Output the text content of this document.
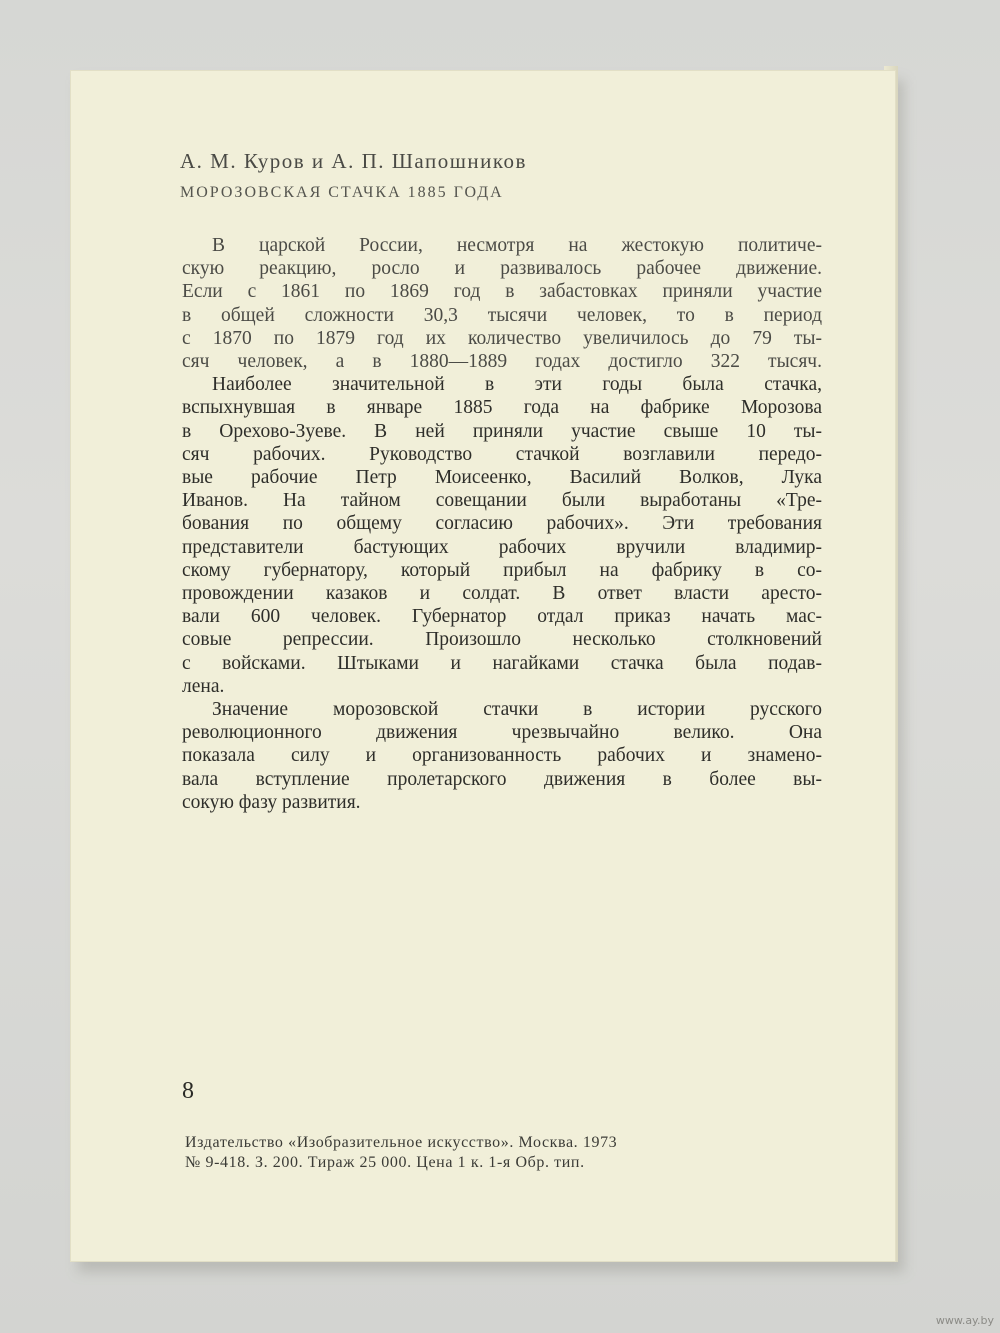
А. М. Куров и А. П. Шапошников
МОРОЗОВСКАЯ СТАЧКА 1885 ГОДА

В царской России, несмотря на жестокую политиче-
скую реакцию, росло и развивалось рабочее движение.
Если с 1861 по 1869 год в забастовках приняли участие
в общей сложности 30,3 тысячи человек, то в период
с 1870 по 1879 год их количество увеличилось до 79 ты-
сяч человек, а в 1880—1889 годах достигло 322 тысяч.

Наиболее значительной в эти годы была стачка,
вспыхнувшая в январе 1885 года на фабрике Морозова
в Орехово-Зуеве. В ней приняли участие свыше 10 ты-
сяч рабочих. Руководство стачкой возглавили передо-
вые рабочие Петр Моисеенко, Василий Волков, Лука
Иванов. На тайном совещании были выработаны «Тре-
бования по общему согласию рабочих». Эти требования
представители бастующих рабочих вручили владимир-
скому губернатору, который прибыл на фабрику в со-
провождении казаков и солдат. В ответ власти аресто-
вали 600 человек. Губернатор отдал приказ начать мас-
совые репрессии. Произошло несколько столкновений
с войсками. Штыками и нагайками стачка была подав-
лена.

Значение морозовской стачки в истории русского
революционного движения чрезвычайно велико. Она
показала силу и организованность рабочих и знамено-
вала вступление пролетарского движения в более вы-
сокую фазу развития.

8
Издательство «Изобразительное искусство». Москва. 1973
№ 9-418. З. 200. Тираж 25 000. Цена 1 к. 1-я Обр. тип.
www.ay.by
